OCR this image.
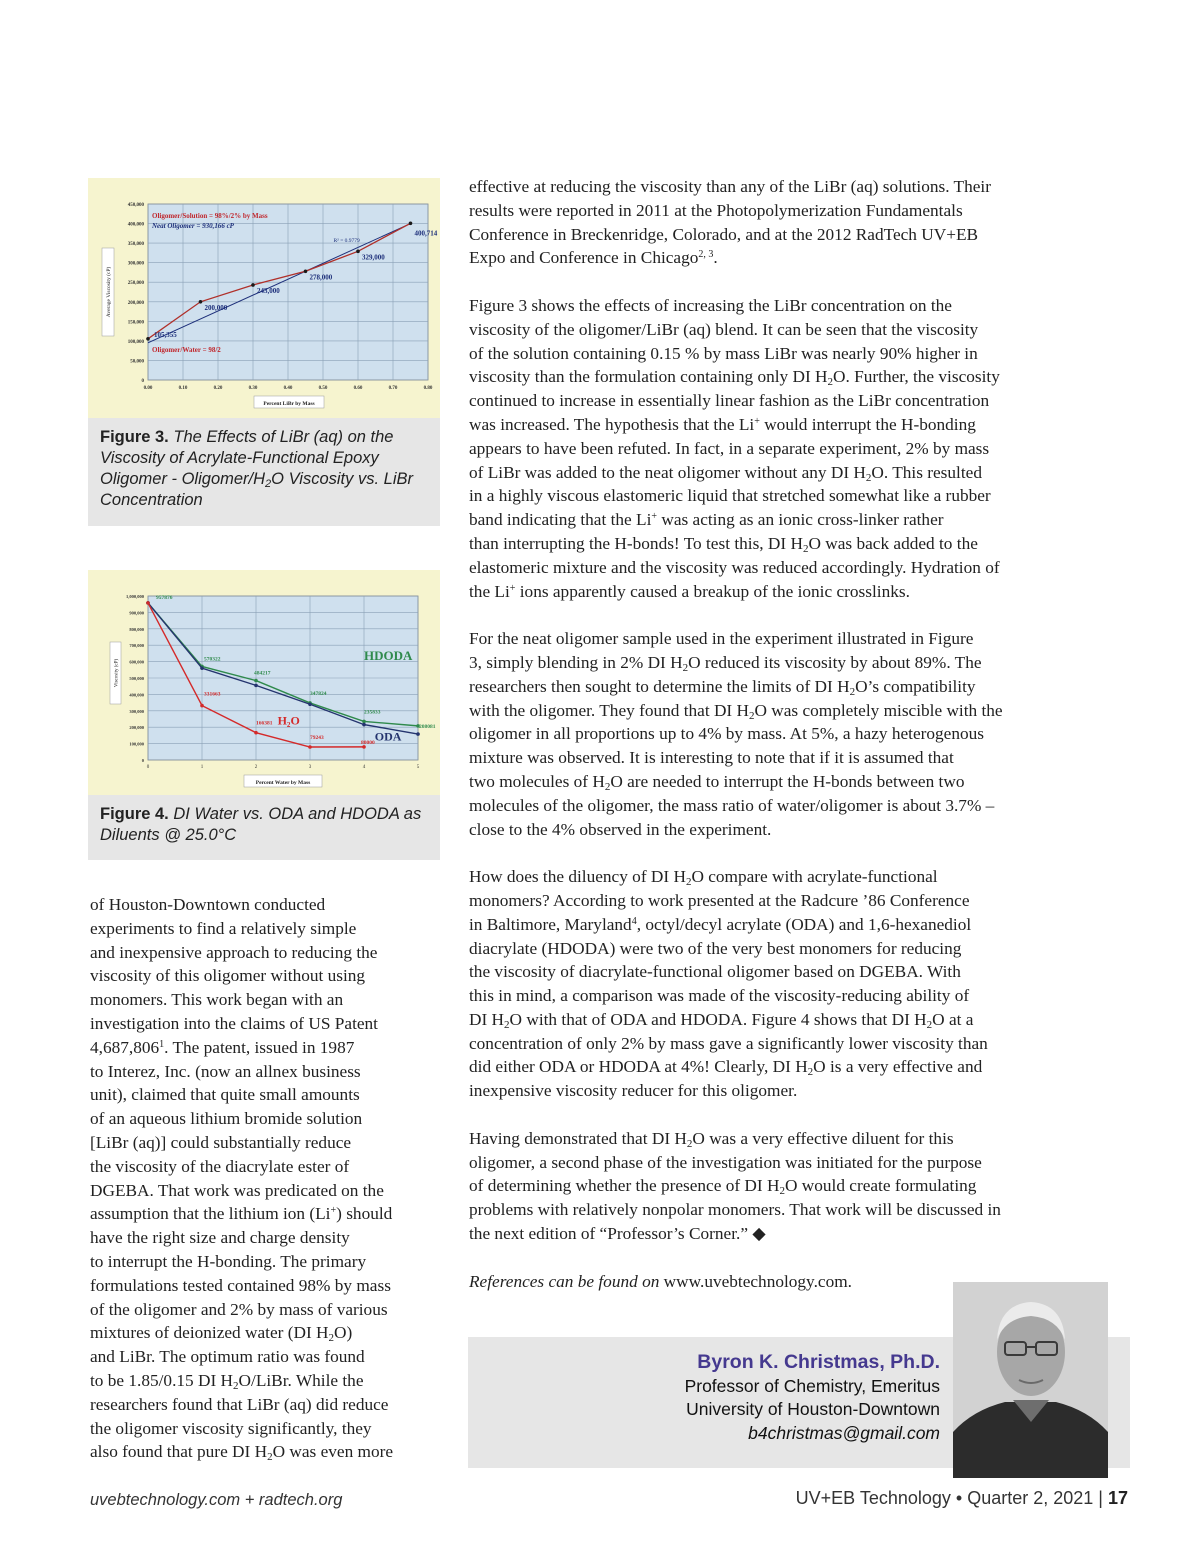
0
50,000
100,000
150,000
200,000
250,000
300,000
350,000
400,000
450,000
0.00	0.10	0.20	0.30	0.40	0.50	0.60	0.70	0.80
Percent LiBr by Mass
Average Viscosity (cP)
105,355
200,000
243,000
278,000
329,000
400,714
Oligomer/Solution = 98%/2% by Mass
Neat Oligomer = 930,166 cP
R² = 0.9779
Oligomer/Water = 98/2
Figure 3. The Effects of LiBr (aq) on the Viscosity of Acrylate-Functional Epoxy Oligomer - Oligomer/$H_2O$ Viscosity vs. LiBr Concentration
0
100,000
200,000
300,000
400,000
500,000
600,000
700,000
800,000
900,000
1,000,000
0	1	2	3	4	5
Percent Water by Mass
Viscosity (cP)
957876
570322
484217
347824
235833
208081
331663
166381
79243
80000
HDODA
ODA
H₂O
Figure 4. DI Water vs. ODA and HDODA as Diluents @ 25.0°C

of Houston-Downtown conducted

experiments to find a relatively simple

and inexpensive approach to reducing the

viscosity of this oligomer without using

monomers. This work began with an

investigation into the claims of US Patent

4,687,806$^1$. The patent, issued in 1987

to Interez, Inc. (now an allnex business

unit), claimed that quite small amounts

of an aqueous lithium bromide solution

[LiBr (aq)] could substantially reduce

the viscosity of the diacrylate ester of

DGEBA. That work was predicated on the

assumption that the lithium ion (Li+) should

have the right size and charge density

to interrupt the H-bonding. The primary

formulations tested contained 98% by mass

of the oligomer and 2% by mass of various

mixtures of deionized water (DI $H_2O$)

and LiBr. The optimum ratio was found

to be 1.85/0.15 DI $H_2O$/LiBr. While the

researchers found that LiBr (aq) did reduce

the oligomer viscosity significantly, they

also found that pure DI $H_2O$ was even more

effective at reducing the viscosity than any of the LiBr (aq) solutions. Their

results were reported in 2011 at the Photopolymerization Fundamentals

Conference in Breckenridge, Colorado, and at the 2012 RadTech UV+EB

Expo and Conference in Chicago$^{2, 3}$.

Figure 3 shows the effects of increasing the LiBr concentration on the

viscosity of the oligomer/LiBr (aq) blend. It can be seen that the viscosity

of the solution containing 0.15 % by mass LiBr was nearly 90% higher in

viscosity than the formulation containing only DI $H_2O$. Further, the viscosity

continued to increase in essentially linear fashion as the LiBr concentration

was increased. The hypothesis that the Li+ would interrupt the H-bonding

appears to have been refuted. In fact, in a separate experiment, 2% by mass

of LiBr was added to the neat oligomer without any DI $H_2O$. This resulted

in a highly viscous elastomeric liquid that stretched somewhat like a rubber

band indicating that the Li+ was acting as an ionic cross-linker rather

than interrupting the H-bonds! To test this, DI $H_2O$ was back added to the

elastomeric mixture and the viscosity was reduced accordingly. Hydration of

the Li+ ions apparently caused a breakup of the ionic crosslinks.

For the neat oligomer sample used in the experiment illustrated in Figure

3, simply blending in 2% DI $H_2O$ reduced its viscosity by about 89%. The

researchers then sought to determine the limits of DI $H_2O’s$ compatibility

with the oligomer. They found that DI $H_2O$ was completely miscible with the

oligomer in all proportions up to 4% by mass. At 5%, a hazy heterogenous

mixture was observed. It is interesting to note that if it is assumed that

two molecules of $H_2O$ are needed to interrupt the H-bonds between two

molecules of the oligomer, the mass ratio of water/oligomer is about 3.7% –

close to the 4% observed in the experiment.

How does the diluency of DI $H_2O$ compare with acrylate-functional

monomers? According to work presented at the Radcure ’86 Conference

in Baltimore, Maryland$^4$, octyl/decyl acrylate (ODA) and 1,6-hexanediol

diacrylate (HDODA) were two of the very best monomers for reducing

the viscosity of diacrylate-functional oligomer based on DGEBA. With

this in mind, a comparison was made of the viscosity-reducing ability of

DI $H_2O$ with that of ODA and HDODA. Figure 4 shows that DI $H_2O$ at a

concentration of only 2% by mass gave a significantly lower viscosity than

did either ODA or HDODA at 4%! Clearly, DI $H_2O$ is a very effective and

inexpensive viscosity reducer for this oligomer.

Having demonstrated that DI $H_2O$ was a very effective diluent for this

oligomer, a second phase of the investigation was initiated for the purpose

of determining whether the presence of DI $H_2O$ would create formulating

problems with relatively nonpolar monomers. That work will be discussed in

the next edition of “Professor’s Corner.” ◆

References can be found on www.uvebtechnology.com.

Byron K. Christmas, Ph.D.
Professor of Chemistry, Emeritus
University of Houston-Downtown
b4christmas@gmail.com
uvebtechnology.com + radtech.org	UV+EB Technology • Quarter 2, 2021 | 17
